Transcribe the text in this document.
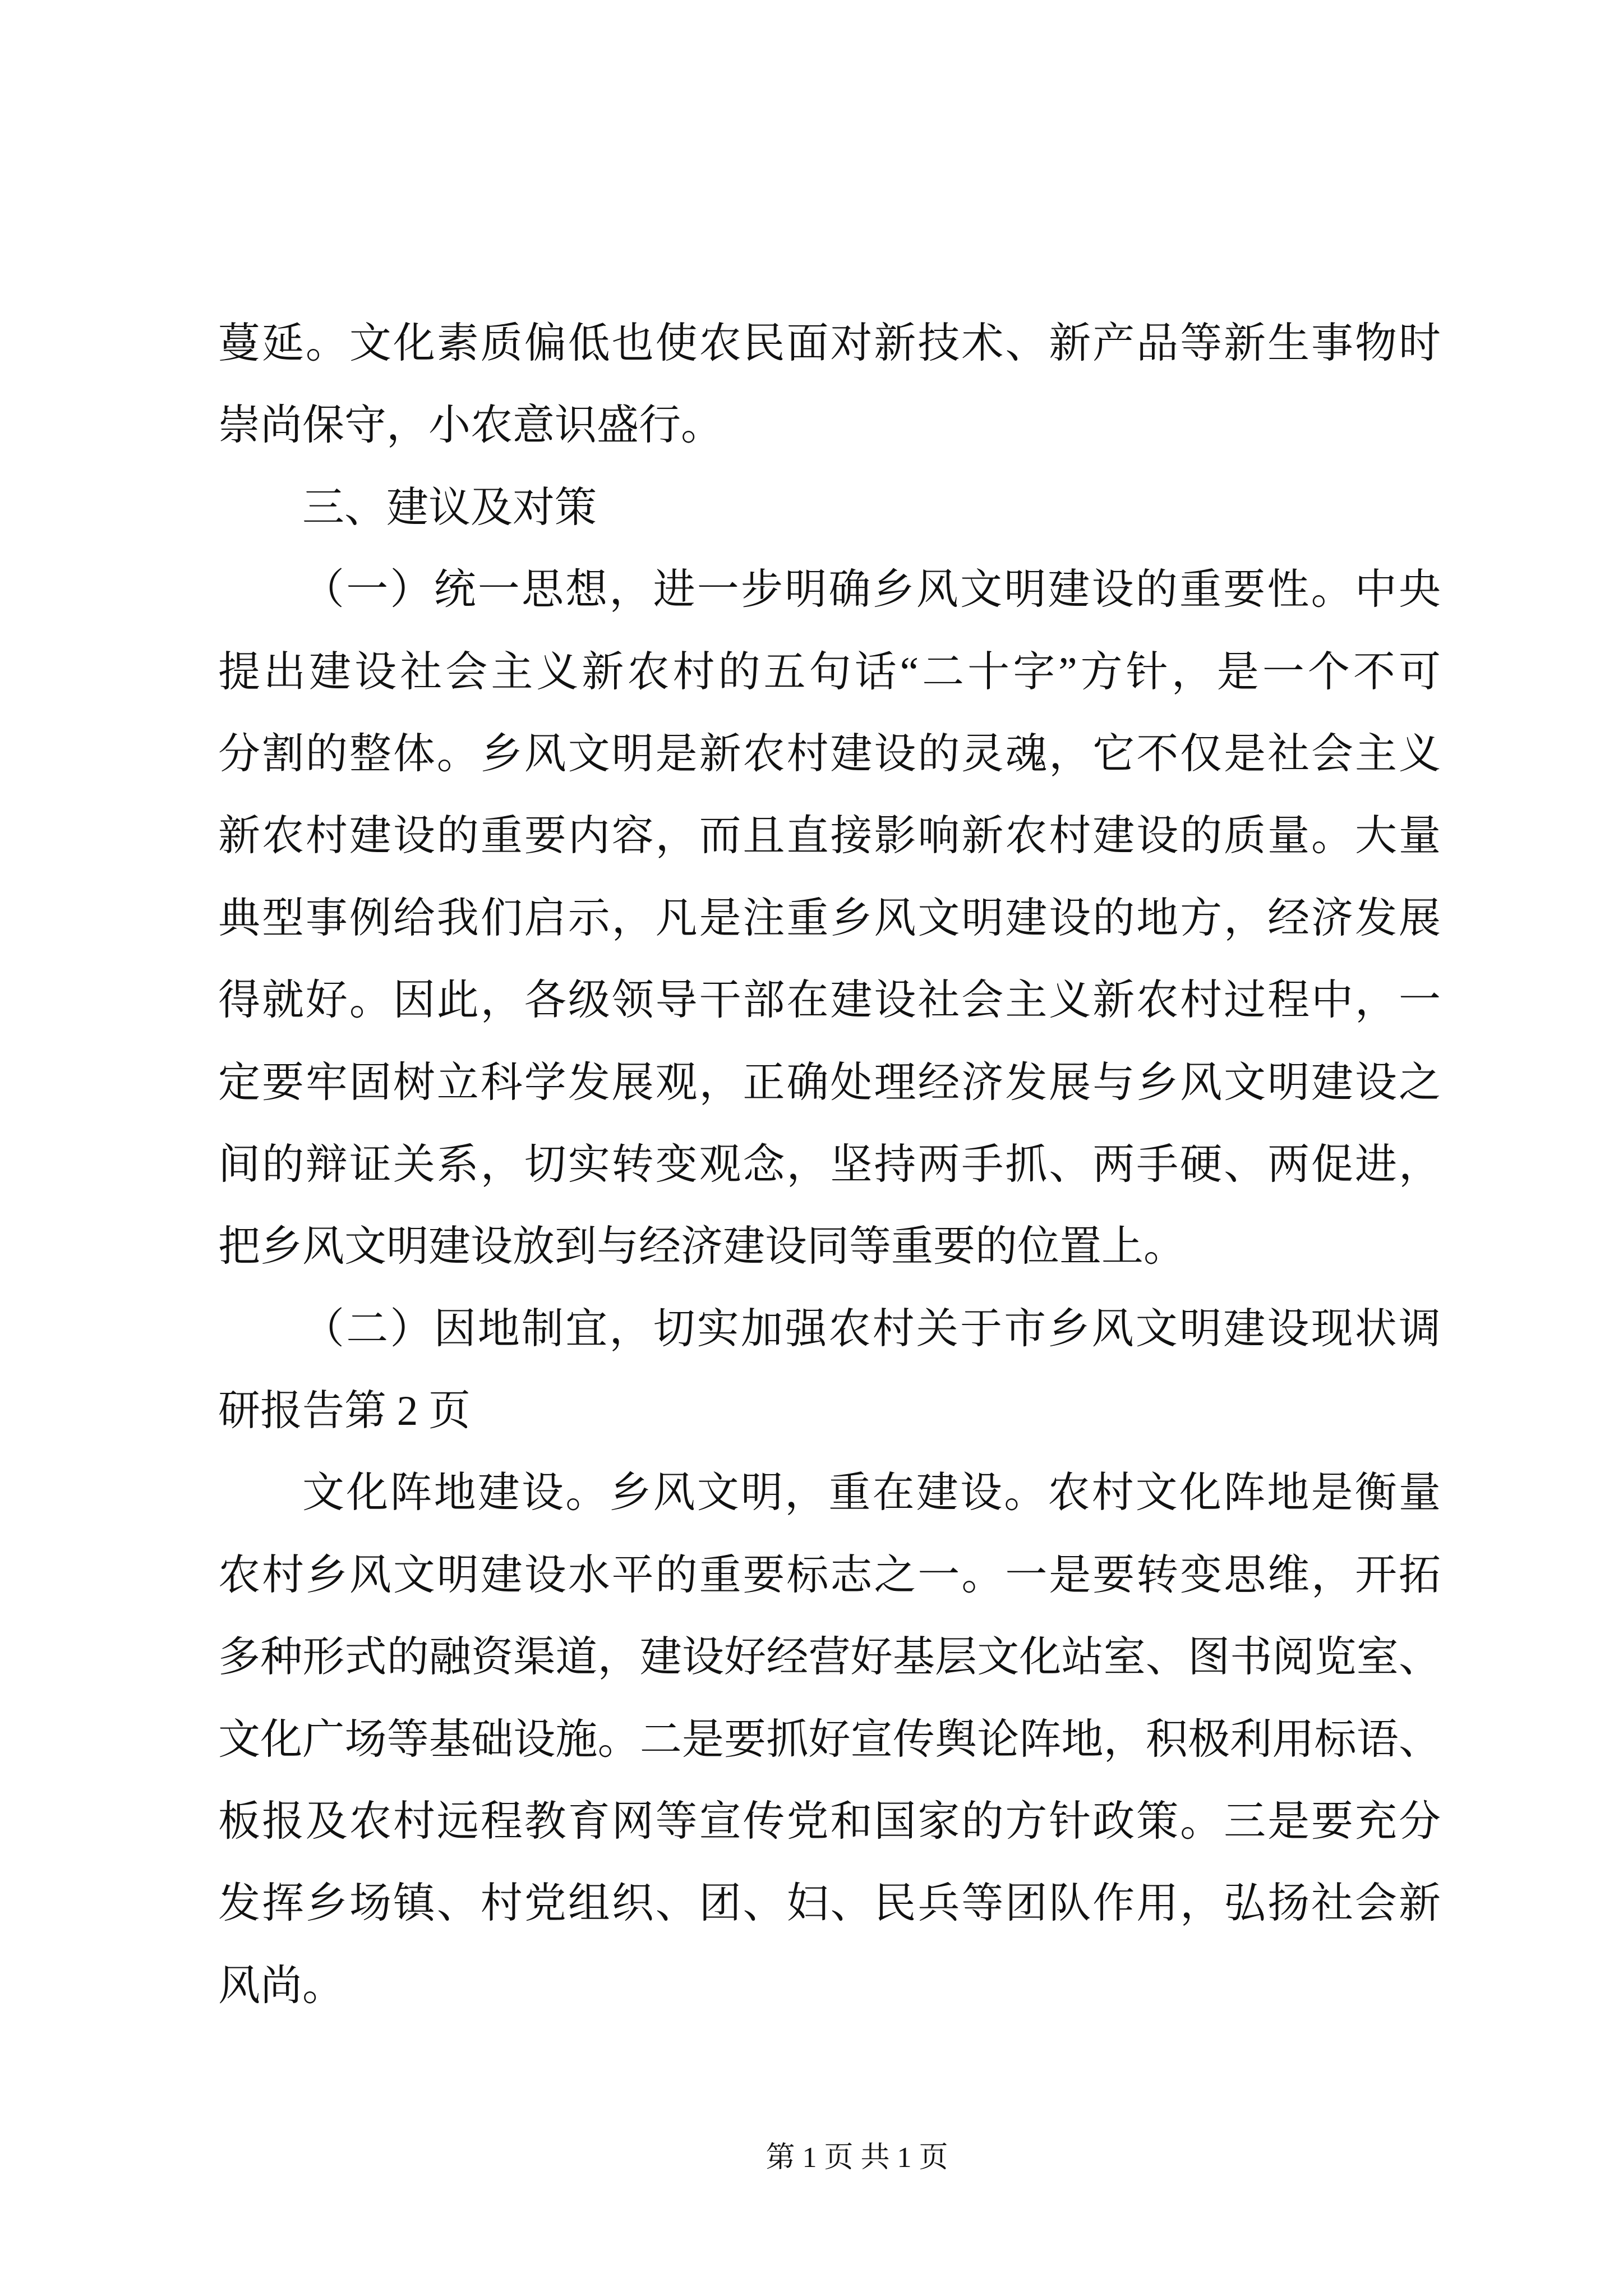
蔓延。文化素质偏低也使农民面对新技术、新产品等新生事物时
崇尚保守，小农意识盛行。
三、建议及对策
（一）统一思想，进一步明确乡风文明建设的重要性。中央
提出建设社会主义新农村的五句话“二十字”方针，是一个不可
分割的整体。乡风文明是新农村建设的灵魂，它不仅是社会主义
新农村建设的重要内容，而且直接影响新农村建设的质量。大量
典型事例给我们启示，凡是注重乡风文明建设的地方，经济发展
得就好。因此，各级领导干部在建设社会主义新农村过程中，一
定要牢固树立科学发展观，正确处理经济发展与乡风文明建设之
间的辩证关系，切实转变观念，坚持两手抓、两手硬、两促进，
把乡风文明建设放到与经济建设同等重要的位置上。
（二）因地制宜，切实加强农村关于市乡风文明建设现状调
研报告第 2 页
文化阵地建设。乡风文明，重在建设。农村文化阵地是衡量
农村乡风文明建设水平的重要标志之一。一是要转变思维，开拓
多种形式的融资渠道，建设好经营好基层文化站室、图书阅览室、
文化广场等基础设施。二是要抓好宣传舆论阵地，积极利用标语、
板报及农村远程教育网等宣传党和国家的方针政策。三是要充分
发挥乡场镇、村党组织、团、妇、民兵等团队作用，弘扬社会新
风尚。
第 1 页 共 1 页
